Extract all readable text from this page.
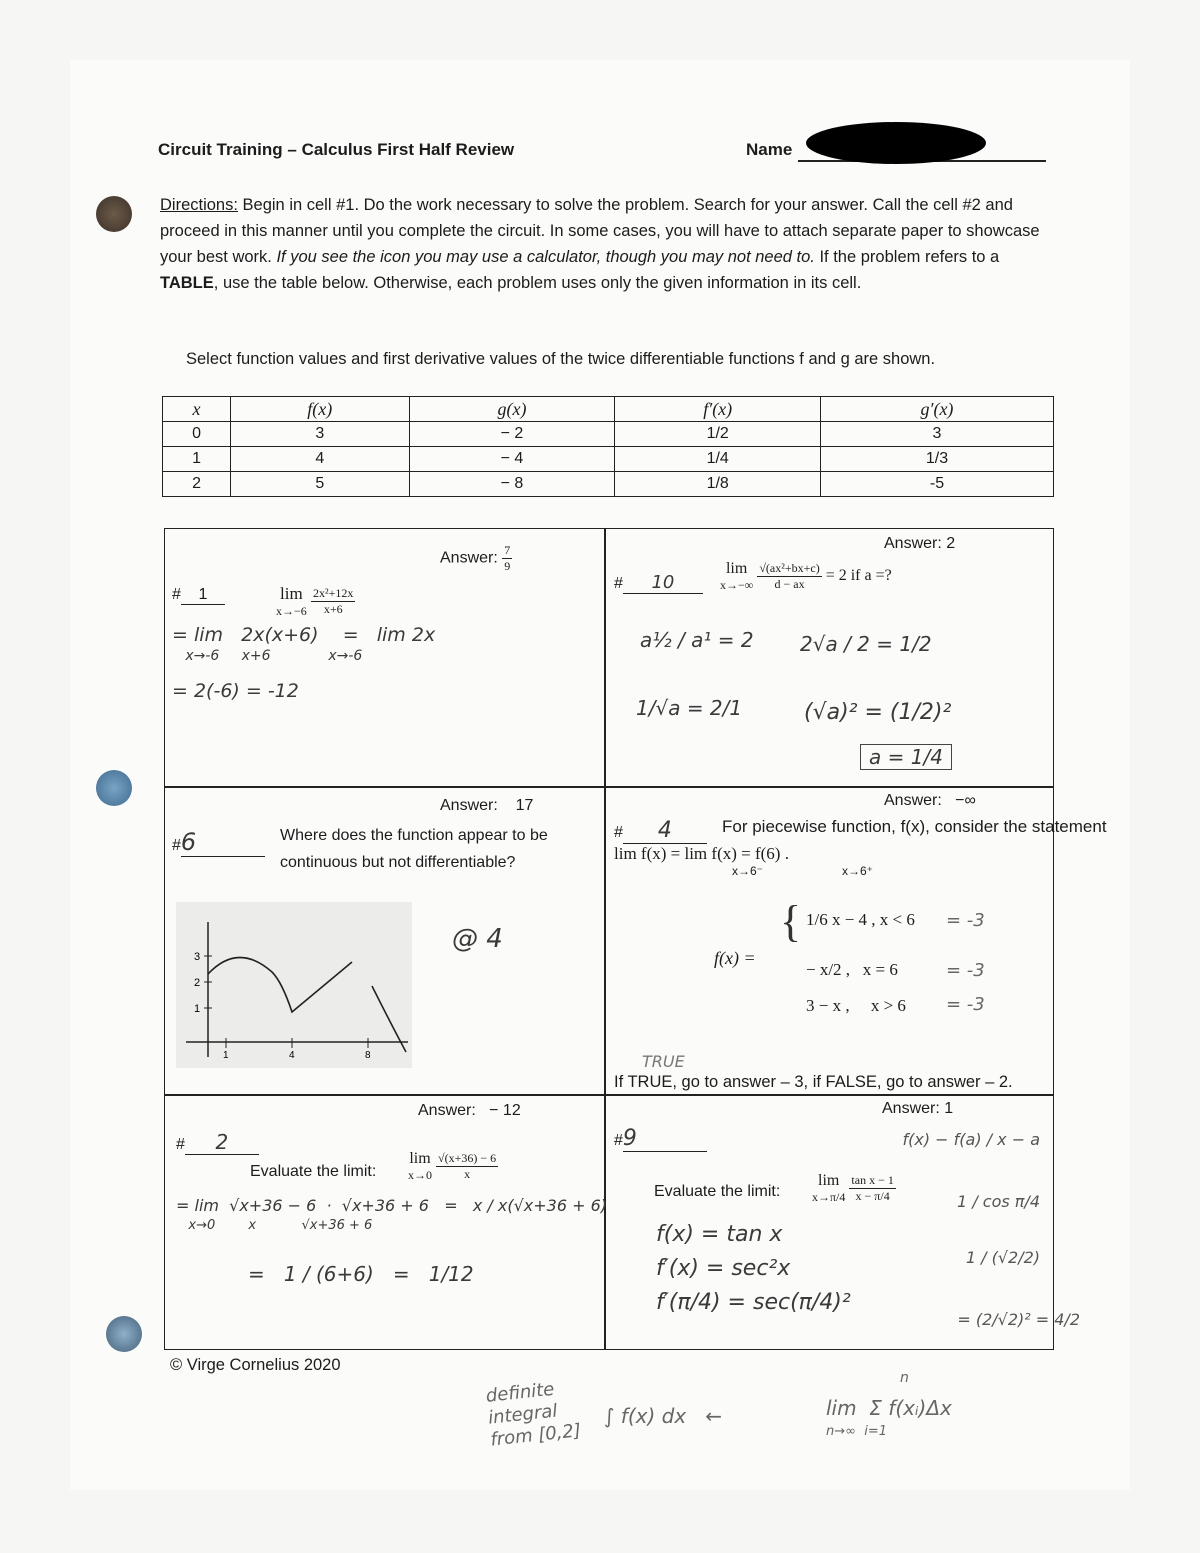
Circuit Training – Calculus First Half Review	Name
Directions: Begin in cell #1. Do the work necessary to solve the problem. Search for your answer. Call the cell #2 and proceed in this manner until you complete the circuit. In some cases, you will have to attach separate paper to showcase your best work. If you see the icon you may use a calculator, though you may not need to. If the problem refers to a TABLE, use the table below. Otherwise, each problem uses only the given information in its cell.
Select function values and first derivative values of the twice differentiable functions f and g are shown.
x	f(x)	g(x)	f′(x)	g′(x)
0	3	− 2	1/2	3
1	4	− 4	1/4	1/3
2	5	− 8	1/8	-5
Answer: $\frac{7}{9}$
# 1	lim
x→−6
$\frac{\text{2x²+12x}}{x+6}$
= lim   2x(x+6)    =   lim 2x
x→-6     x+6             x→-6
= 2(-6) = -12
Answer: 2
# 10
lim
x→−∞
$\frac{\text{√(ax²+bx+c)}}{d - ax} = 2$ if a =?
a½ / a¹ = 2 2√a / 2 = 1/2
1/√a = 2/1	(√a)² = (1/2)²
a = 1/4
Answer: 17
#6	Where does the function appear to be continuous but not differentiable?
3
2
1
1	4	8
@ 4
Answer: −∞
# 4	For piecewise function, f(x), consider the statement
lim f(x) = lim f(x) = f(6) .
x→6⁻	x→6⁺
f(x) =
{ 1/6 x − 4 , x < 6
− x/2 ,   x = 6
3 − x ,     x > 6
= -3
= -3
= -3
TRUE
If TRUE, go to answer – 3, if FALSE, go to answer – 2.
Answer: − 12
# 2
Evaluate the limit:
lim
x→0
$\frac{√(x+36) - 6}{x}$
= lim  √x+36 − 6  ·  √x+36 + 6   =   x / x(√x+36 + 6)
x→0        x           √x+36 + 6
=   1 / (6+6)   =   1/12
Answer: 1
#9
Evaluate the limit:
lim
x→π/4
$\frac{\text{tan x − 1}}{x - \pi/4}$
f(x) = tan x
f′(x) = sec²x
f′(π/4) = sec(π/4)²
f(x) − f(a) / x − a
1 / cos π/4
1 / (√2/2)
= (2/√2)² = 4/2
© Virge Cornelius 2020
definite integral from [0,2]
∫ f(x) dx   ←
n
lim  Σ f(xᵢ)Δx
n→∞  i=1
